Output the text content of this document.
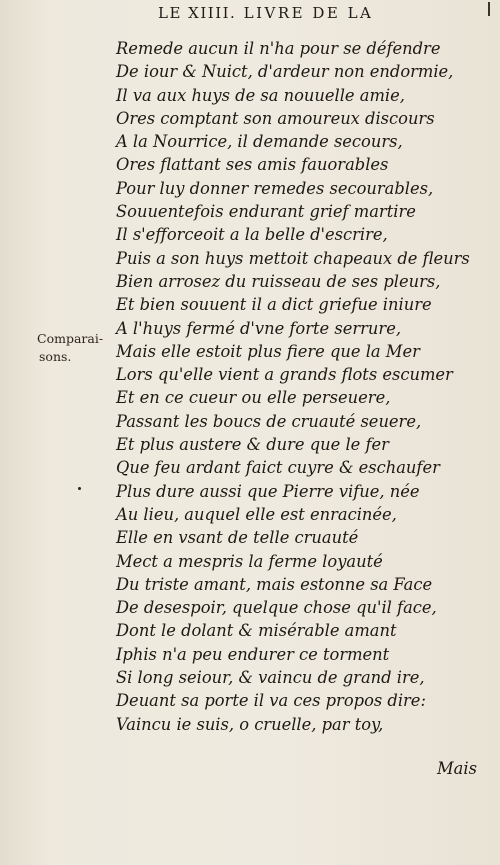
LE XIIII. LIVRE DE LA
Remede aucun il n'ha pour se défendre
De iour & Nuict, d'ardeur non endormie,
Il va aux huys de sa nouuelle amie,
Ores comptant son amoureux discours
A la Nourrice, il demande secours,
Ores flattant ses amis fauorables
Pour luy donner remedes secourables,
Souuentefois endurant grief martire
Il s'efforceoit a la belle d'escrire,
Puis a son huys mettoit chapeaux de fleurs
Bien arrosez du ruisseau de ses pleurs,
Et bien souuent il a dict griefue iniure
A l'huys fermé d'vne forte serrure,
Mais elle estoit plus fiere que la Mer
Lors qu'elle vient a grands flots escumer
Et en ce cueur ou elle perseuere,
Passant les boucs de cruauté seuere,
Et plus austere & dure que le fer
Que feu ardant faict cuyre & eschaufer
Plus dure aussi que Pierre vifue, née
Au lieu, auquel elle est enracinée,
Elle en vsant de telle cruauté
Mect a mespris la ferme loyauté
Du triste amant, mais estonne sa Face
De desespoir, quelque chose qu'il face,
Dont le dolant & misérable amant
Iphis n'a peu endurer ce torment
Si long seiour, & vaincu de grand ire,
Deuant sa porte il va ces propos dire:
Vaincu ie suis, o cruelle, par toy,
Comparai-
sons.
Mais
